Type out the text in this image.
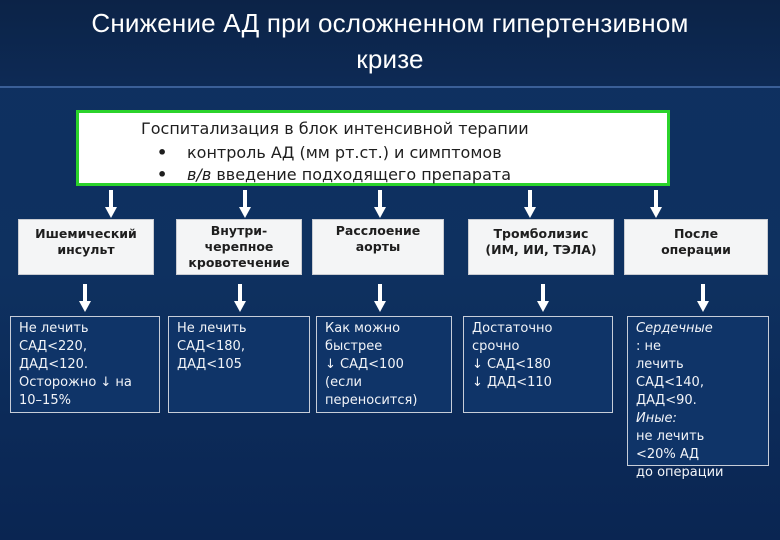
Снижение АД при осложненном гипертензивном
кризе
Госпитализация в блок интенсивной терапии
• контроль АД (мм рт.ст.) и симптомов
• в/в введение подходящего препарата
Ишемический
инсульт
Внутри-
черепное
кровотечение
Расслоение
аорты
Тромболизис
(ИМ, ИИ, ТЭЛА)
После
операции
Не лечить
САД<220,
ДАД<120.
Осторожно ↓ на
10–15%
Не лечить
САД<180,
ДАД<105
Как можно
быстрее
↓ САД<100
(если
переносится)
Достаточно
срочно
↓ САД<180
↓ ДАД<110
Сердечные
: не
лечить
САД<140,
ДАД<90.
Иные:
не лечить
<20% АД
до операции
